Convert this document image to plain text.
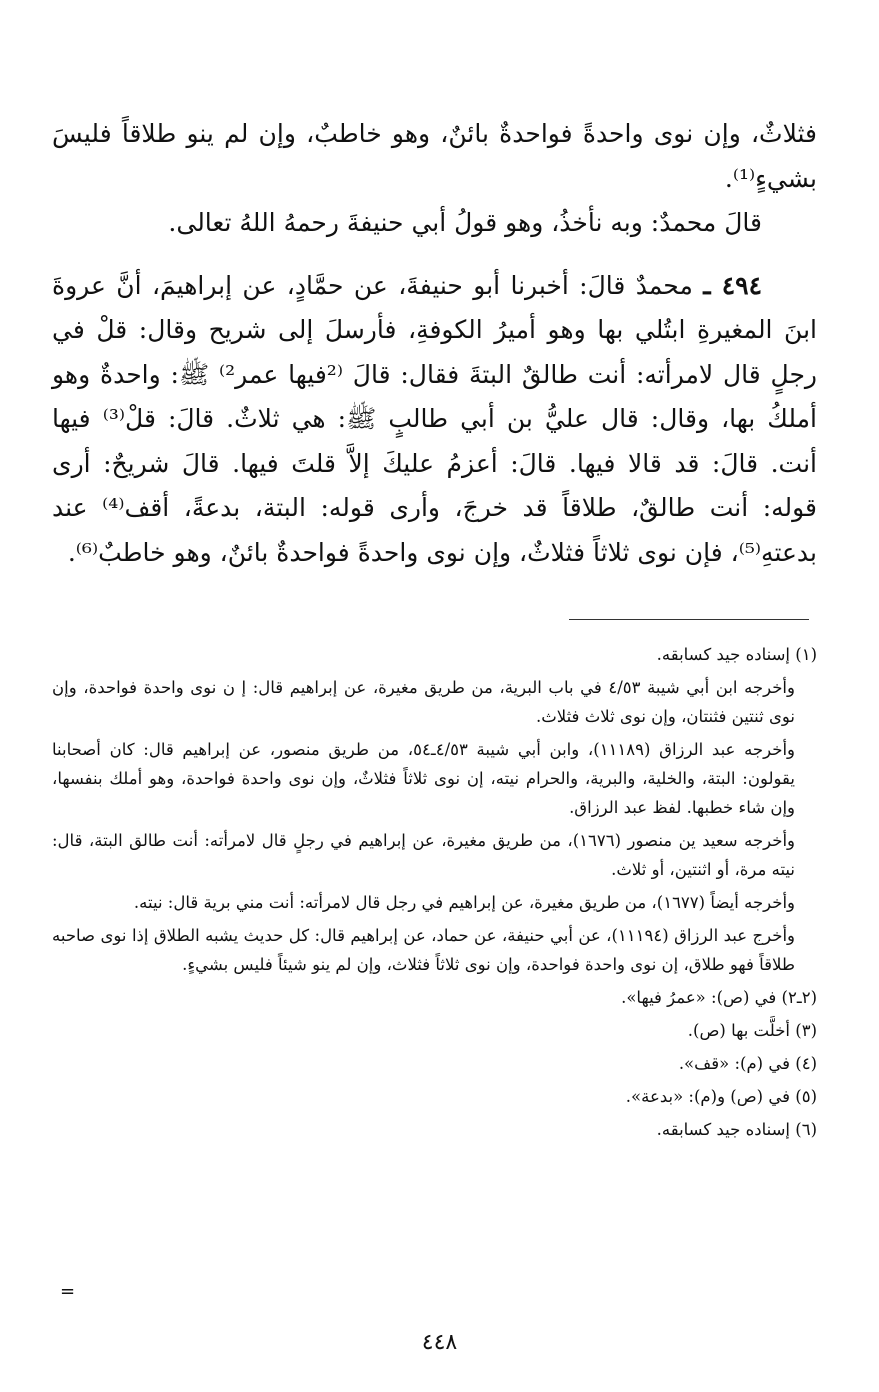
فثلاثٌ، وإن نوى واحدةً فواحدةٌ بائنٌ، وهو خاطبٌ، وإن لم ينو طلاقاً فليسَ بشيءٍ⁽¹⁾.

قالَ محمدٌ: وبه نأخذُ، وهو قولُ أبي حنيفةَ رحمهُ اللهُ تعالى.

٤٩٤ ـ محمدٌ قالَ: أخبرنا أبو حنيفةَ، عن حمَّادٍ، عن إبراهيمَ، أنَّ عروةَ ابنَ المغيرةِ ابتُلي بها وهو أميرُ الكوفةِ، فأرسلَ إلى شريح وقال: قلْ في رجلٍ قال لامرأته: أنت طالقٌ البتةَ فقال: قالَ ⁽²فيها عمر²⁾ ﷺ: واحدةٌ وهو أملكُ بها، وقال: قال عليُّ بن أبي طالبٍ ﷺ: هي ثلاثٌ. قالَ: قلْ⁽³⁾ فيها أنت. قالَ: قد قالا فيها. قالَ: أعزمُ عليكَ إلاَّ قلتَ فيها. قالَ شريحٌ: أرى قوله: أنت طالقٌ، طلاقاً قد خرجَ، وأرى قوله: البتة، بدعةً، أقف⁽⁴⁾ عند بدعتهِ⁽⁵⁾، فإن نوى ثلاثاً فثلاثٌ، وإن نوى واحدةً فواحدةٌ بائنٌ، وهو خاطبٌ⁽⁶⁾.

(١) إسناده جيد كسابقه.

وأخرجه ابن أبي شيبة ٤/٥٣ في باب البرية، من طريق مغيرة، عن إبراهيم قال: إ ن نوى واحدة فواحدة، وإن نوى ثنتين فثنتان، وإن نوى ثلاث فثلاث.

وأخرجه عبد الرزاق (١١١٨٩)، وابن أبي شيبة ٤/٥٣ـ٥٤، من طريق منصور، عن إبراهيم قال: كان أصحابنا يقولون: البتة، والخلية، والبرية، والحرام نيته، إن نوى ثلاثاً فثلاثٌ، وإن نوى واحدة فواحدة، وهو أملك بنفسها، وإن شاء خطبها. لفظ عبد الرزاق.

وأخرجه سعيد ين منصور (١٦٧٦)، من طريق مغيرة، عن إبراهيم في رجلٍ قال لامرأته: أنت طالق البتة، قال: نيته مرة، أو اثنتين، أو ثلاث.

وأخرجه أيضاً (١٦٧٧)، من طريق مغيرة، عن إبراهيم في رجل قال لامرأته: أنت مني برية قال: نيته.

وأخرج عبد الرزاق (١١١٩٤)، عن أبي حنيفة، عن حماد، عن إبراهيم قال: كل حديث يشبه الطلاق إذا نوى صاحبه طلاقاً فهو طلاق، إن نوى واحدة فواحدة، وإن نوى ثلاثاً فثلاث، وإن لم ينو شيئاً فليس بشيءٍ.

(٢ـ٢) في (ص): «عمرُ فيها».

(٣) أخلَّت بها (ص).

(٤) في (م): «قف».

(٥) في (ص) و(م): «بدعة».

(٦) إسناده جيد كسابقه.

=
٤٤٨
